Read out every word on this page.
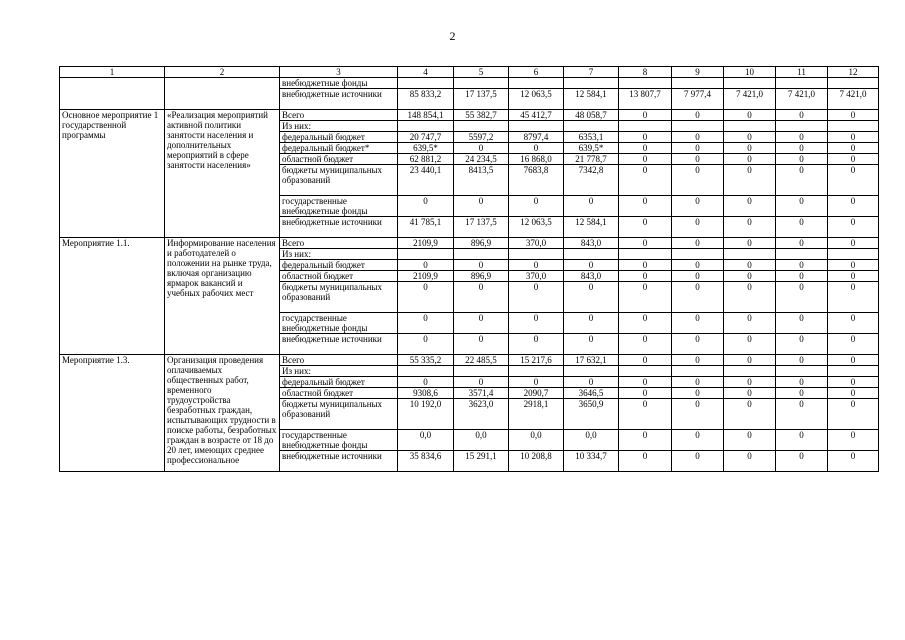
2
1	2	3	4	5	6	7	8	9	10	11	12
		внебюджетные фонды									
		внебюджетные источники	85 833,2	17 137,5	12 063,5	12 584,1	13 807,7	7 977,4	7 421,0	7 421,0	7 421,0
Основное мероприятие 1 государственной программы	«Реализация мероприятий активной политики занятости населения и дополнительных мероприятий в сфере занятости населения»	Всего	148 854,1	55 382,7	45 412,7	48 058,7	0	0	0	0	0
		Из них:									
		федеральный бюджет	20 747,7	5597,2	8797,4	6353,1	0	0	0	0	0
		федеральный бюджет*	639,5*	0	0	639,5*	0	0	0	0	0
		областной бюджет	62 881,2	24 234,5	16 868,0	21 778,7	0	0	0	0	0
		бюджеты муниципальных образований	23 440,1	8413,5	7683,8	7342,8	0	0	0	0	0
		государственные внебюджетные фонды	0	0	0	0	0	0	0	0	0
		внебюджетные источники	41 785,1	17 137,5	12 063,5	12 584,1	0	0	0	0	0
Мероприятие 1.1.	Информирование населения и работодателей о положении на рынке труда, включая организацию ярмарок вакансий и учебных рабочих мест	Всего	2109,9	896,9	370,0	843,0	0	0	0	0	0
		Из них:									
		федеральный бюджет	0	0	0	0	0	0	0	0	0
		областной бюджет	2109,9	896,9	370,0	843,0	0	0	0	0	0
		бюджеты муниципальных образований	0	0	0	0	0	0	0	0	0
		государственные внебюджетные фонды	0	0	0	0	0	0	0	0	0
		внебюджетные источники	0	0	0	0	0	0	0	0	0
Мероприятие 1.3.	Организация проведения оплачиваемых общественных работ, временного трудоустройства безработных граждан, испытывающих трудности в поиске работы, безработных граждан в возрасте от 18 до 20 лет, имеющих среднее профессиональное	Всего	55 335,2	22 485,5	15 217,6	17 632,1	0	0	0	0	0
		Из них:									
		федеральный бюджет	0	0	0	0	0	0	0	0	0
		областной бюджет	9308,6	3571,4	2090,7	3646,5	0	0	0	0	0
		бюджеты муниципальных образований	10 192,0	3623,0	2918,1	3650,9	0	0	0	0	0
		государственные внебюджетные фонды	0,0	0,0	0,0	0,0	0	0	0	0	0
		внебюджетные источники	35 834,6	15 291,1	10 208,8	10 334,7	0	0	0	0	0
